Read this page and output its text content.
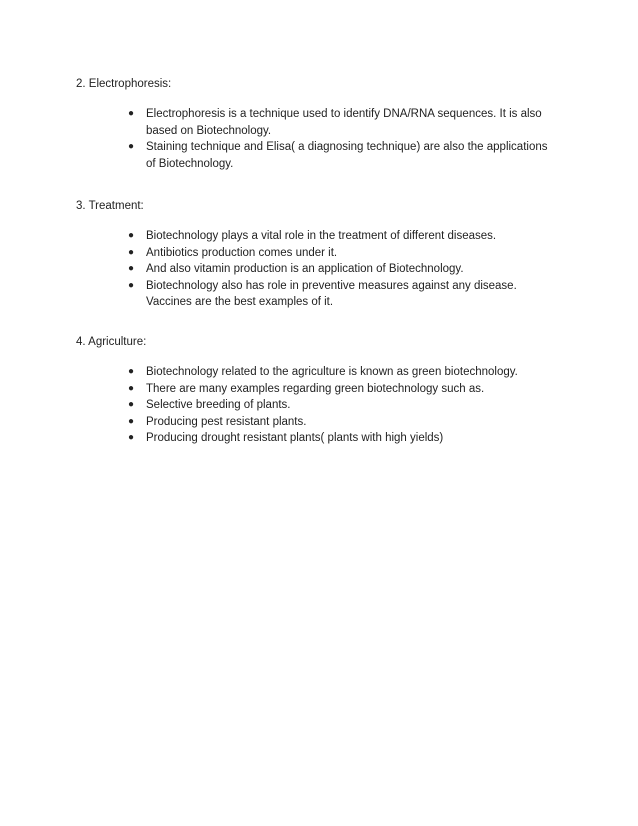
2. Electrophoresis:

● Electrophoresis is a technique used to identify DNA/RNA sequences. It is also based on Biotechnology.
● Staining technique and Elisa( a diagnosing technique) are also the applications of Biotechnology.

3. Treatment:

● Biotechnology plays a vital role in the treatment of different diseases.
● Antibiotics production comes under it.
● And also vitamin production is an application of Biotechnology.
● Biotechnology also has role in preventive measures against any disease. Vaccines are the best examples of it.

4. Agriculture:

● Biotechnology related to the agriculture is known as green biotechnology.
● There are many examples regarding green biotechnology such as.
● Selective breeding of plants.
● Producing pest resistant plants.
● Producing drought resistant plants( plants with high yields)
